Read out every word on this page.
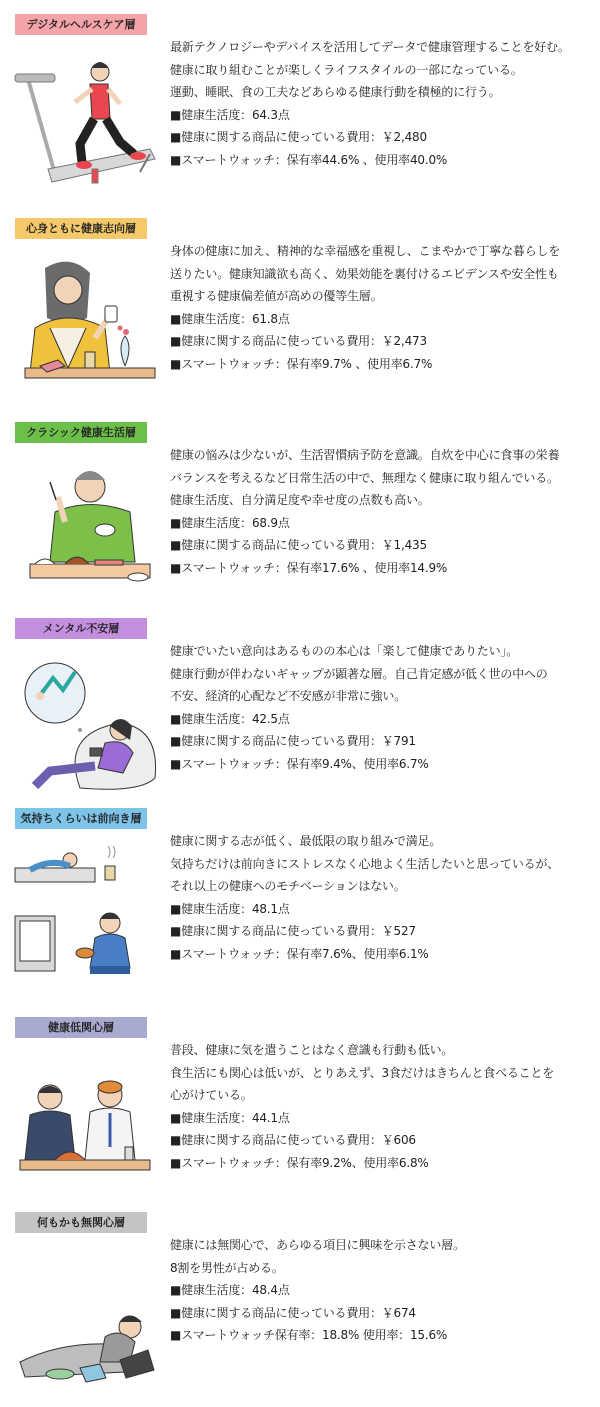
デジタルヘルスケア層
最新テクノロジーやデバイスを活用してデータで健康管理することを好む。
健康に取り組むことが楽しくライフスタイルの一部になっている。
運動、睡眠、食の工夫などあらゆる健康行動を積極的に行う。
■健康生活度：64.3点
■健康に関する商品に使っている費用：￥2,480
■スマートウォッチ：保有率44.6% 、使用率40.0%
心身ともに健康志向層
身体の健康に加え、精神的な幸福感を重視し、こまやかで丁寧な暮らしを
送りたい。健康知識欲も高く、効果効能を裏付けるエビデンスや安全性も
重視する健康偏差値が高めの優等生層。
■健康生活度：61.8点
■健康に関する商品に使っている費用：￥2,473
■スマートウォッチ：保有率9.7% 、使用率6.7%
クラシック健康生活層
健康の悩みは少ないが、生活習慣病予防を意識。自炊を中心に食事の栄養
バランスを考えるなど日常生活の中で、無理なく健康に取り組んでいる。
健康生活度、自分満足度や幸せ度の点数も高い。
■健康生活度：68.9点
■健康に関する商品に使っている費用：￥1,435
■スマートウォッチ：保有率17.6% 、使用率14.9%
メンタル不安層
健康でいたい意向はあるものの本心は「楽して健康でありたい」。
健康行動が伴わないギャップが顕著な層。自己肯定感が低く世の中への
不安、経済的心配など不安感が非常に強い。
■健康生活度：42.5点
■健康に関する商品に使っている費用：￥791
■スマートウォッチ：保有率9.4%、使用率6.7%
気持ちくらいは前向き層
健康に関する志が低く、最低限の取り組みで満足。
気持ちだけは前向きにストレスなく心地よく生活したいと思っているが、
それ以上の健康へのモチベーションはない。
■健康生活度：48.1点
■健康に関する商品に使っている費用：￥527
■スマートウォッチ：保有率7.6%、使用率6.1%
健康低関心層
普段、健康に気を遣うことはなく意識も行動も低い。
食生活にも関心は低いが、とりあえず、3食だけはきちんと食べることを
心がけている。
■健康生活度：44.1点
■健康に関する商品に使っている費用：￥606
■スマートウォッチ：保有率9.2%、使用率6.8%
何もかも無関心層
健康には無関心で、あらゆる項目に興味を示さない層。
8割を男性が占める。
■健康生活度：48.4点
■健康に関する商品に使っている費用：￥674
■スマートウォッチ保有率：18.8% 使用率：15.6%
